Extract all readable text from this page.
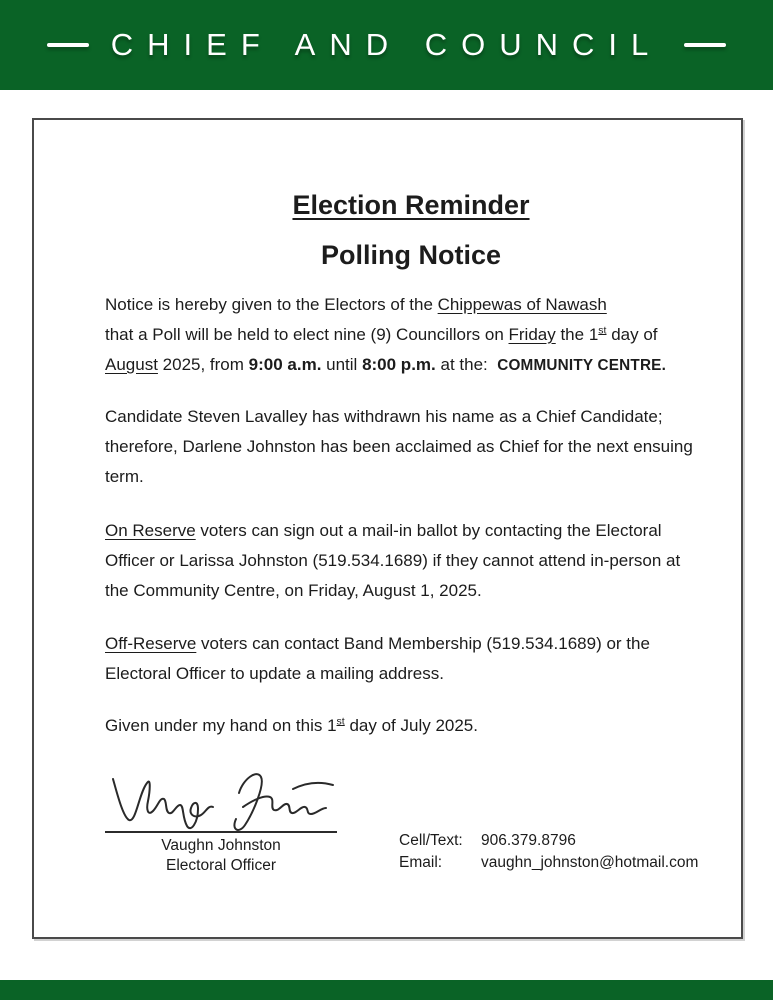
CHIEF AND COUNCIL
Election Reminder
Polling Notice
Notice is hereby given to the Electors of the Chippewas of Nawash
that a Poll will be held to elect nine (9) Councillors on Friday the 1st day of
August 2025, from 9:00 a.m. until 8:00 p.m. at the:  COMMUNITY CENTRE.
Candidate Steven Lavalley has withdrawn his name as a Chief Candidate;
therefore, Darlene Johnston has been acclaimed as Chief for the next ensuing
term.
On Reserve voters can sign out a mail-in ballot by contacting the Electoral
Officer or Larissa Johnston (519.534.1689) if they cannot attend in-person at
the Community Centre, on Friday, August 1, 2025.
Off-Reserve voters can contact Band Membership (519.534.1689) or the
Electoral Officer to update a mailing address.
Given under my hand on this 1st day of July 2025.
Vaughn Johnston
Electoral Officer
Cell/Text:	906.379.8796
Email:	vaughn_johnston@hotmail.com
